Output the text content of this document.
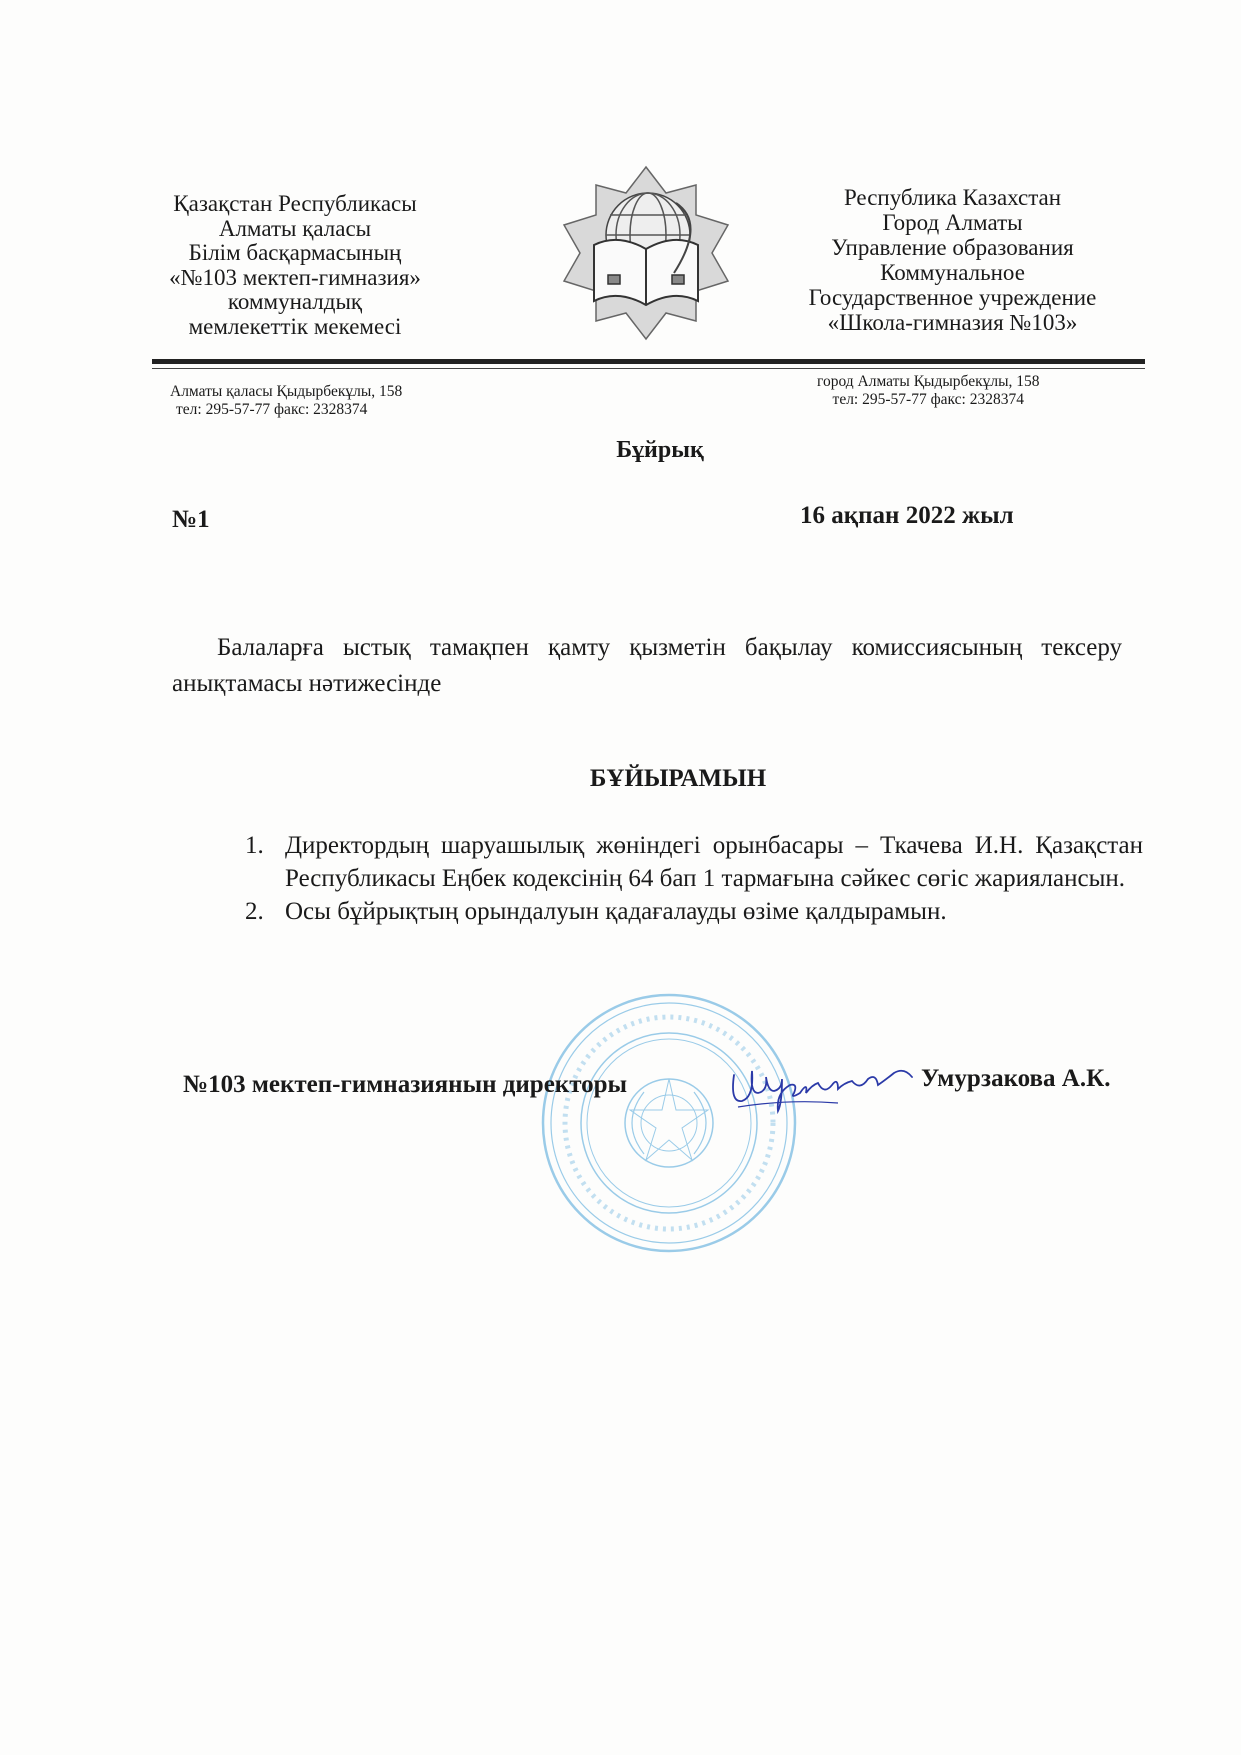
Қазақстан Республикасы
Алматы қаласы
Білім басқармасының
«№103 мектеп-гимназия»
коммуналдық
мемлекеттік мекемесі
Республика Казахстан
Город Алматы
Управление образования
Коммунальное
Государственное учреждение
«Школа-гимназия №103»
Алматы қаласы Қыдырбекұлы, 158
тел: 295-57-77 факс: 2328374
город Алматы Қыдырбекұлы, 158
тел: 295-57-77 факс: 2328374
Бұйрық
№1	16 ақпан 2022 жыл
Балаларға ыстық тамақпен қамту қызметін бақылау комиссиясының тексеру анықтамасы нәтижесінде
БҰЙЫРАМЫН
1. Директордың шаруашылық жөніндегі орынбасары – Ткачева И.Н. Қазақстан Республикасы Еңбек кодексінің 64 бап 1 тармағына сәйкес сөгіс жариялансын.
2. Осы бұйрықтың орындалуын қадағалауды өзіме қалдырамын.
№103 мектеп-гимназиянын директоры	Умурзакова А.К.
